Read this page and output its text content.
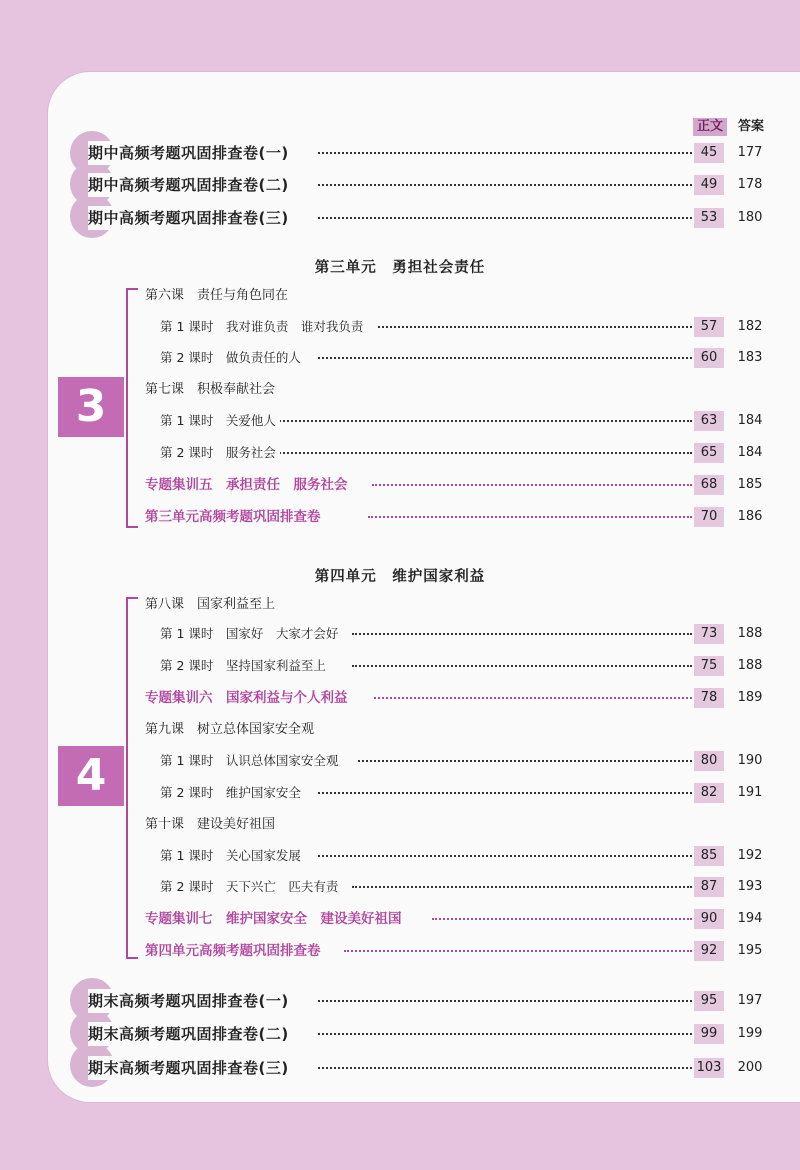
正文	答案
期中高频考题巩固排查卷(一)	45	177
期中高频考题巩固排查卷(二)	49	178
期中高频考题巩固排查卷(三)	53	180
第三单元　勇担社会责任
3
第六课　责任与角色同在
第 1 课时　我对谁负责　谁对我负责	57	182
第 2 课时　做负责任的人	60	183
第七课　积极奉献社会
第 1 课时　关爱他人	63	184
第 2 课时　服务社会	65	184
专题集训五　承担责任　服务社会	68	185
第三单元高频考题巩固排查卷	70	186
第四单元　维护国家利益
4
第八课　国家利益至上
第 1 课时　国家好　大家才会好	73	188
第 2 课时　坚持国家利益至上	75	188
专题集训六　国家利益与个人利益	78	189
第九课　树立总体国家安全观
第 1 课时　认识总体国家安全观	80	190
第 2 课时　维护国家安全	82	191
第十课　建设美好祖国
第 1 课时　关心国家发展	85	192
第 2 课时　天下兴亡　匹夫有责	87	193
专题集训七　维护国家安全　建设美好祖国	90	194
第四单元高频考题巩固排查卷	92	195
期末高频考题巩固排查卷(一)	95	197
期末高频考题巩固排查卷(二)	99	199
期末高频考题巩固排查卷(三)	103 200
